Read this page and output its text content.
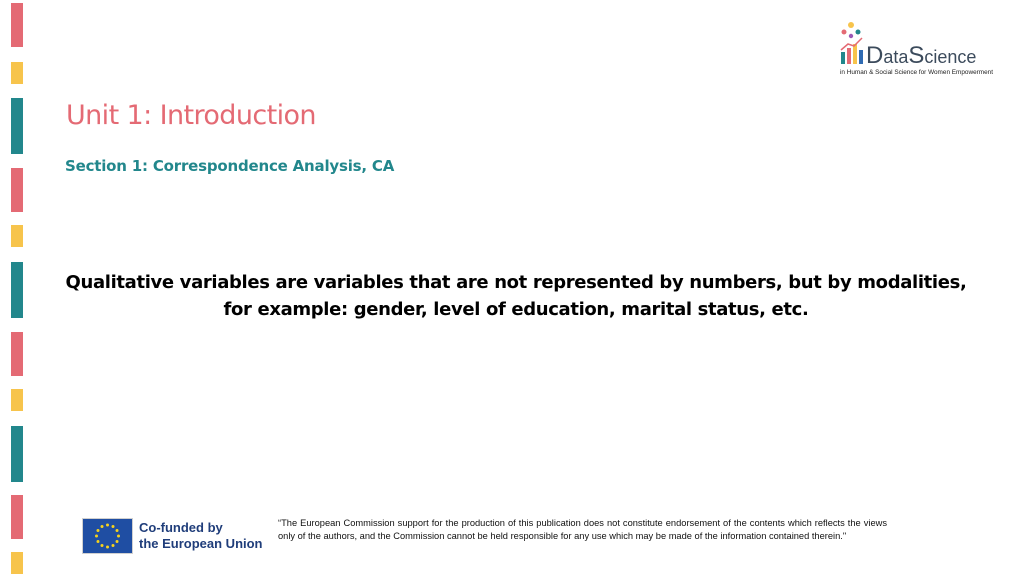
DataScience
in Human & Social Science for Women Empowerment
Unit 1: Introduction
Section 1: Correspondence Analysis, CA
Qualitative variables are variables that are not represented by numbers, but by modalities, for example: gender, level of education, marital status, etc.
Co-funded by
the European Union
“The European Commission support for the production of this publication does not constitute endorsement of the contents which reflects the views only of the authors, and the Commission cannot be held responsible for any use which may be made of the information contained therein."
